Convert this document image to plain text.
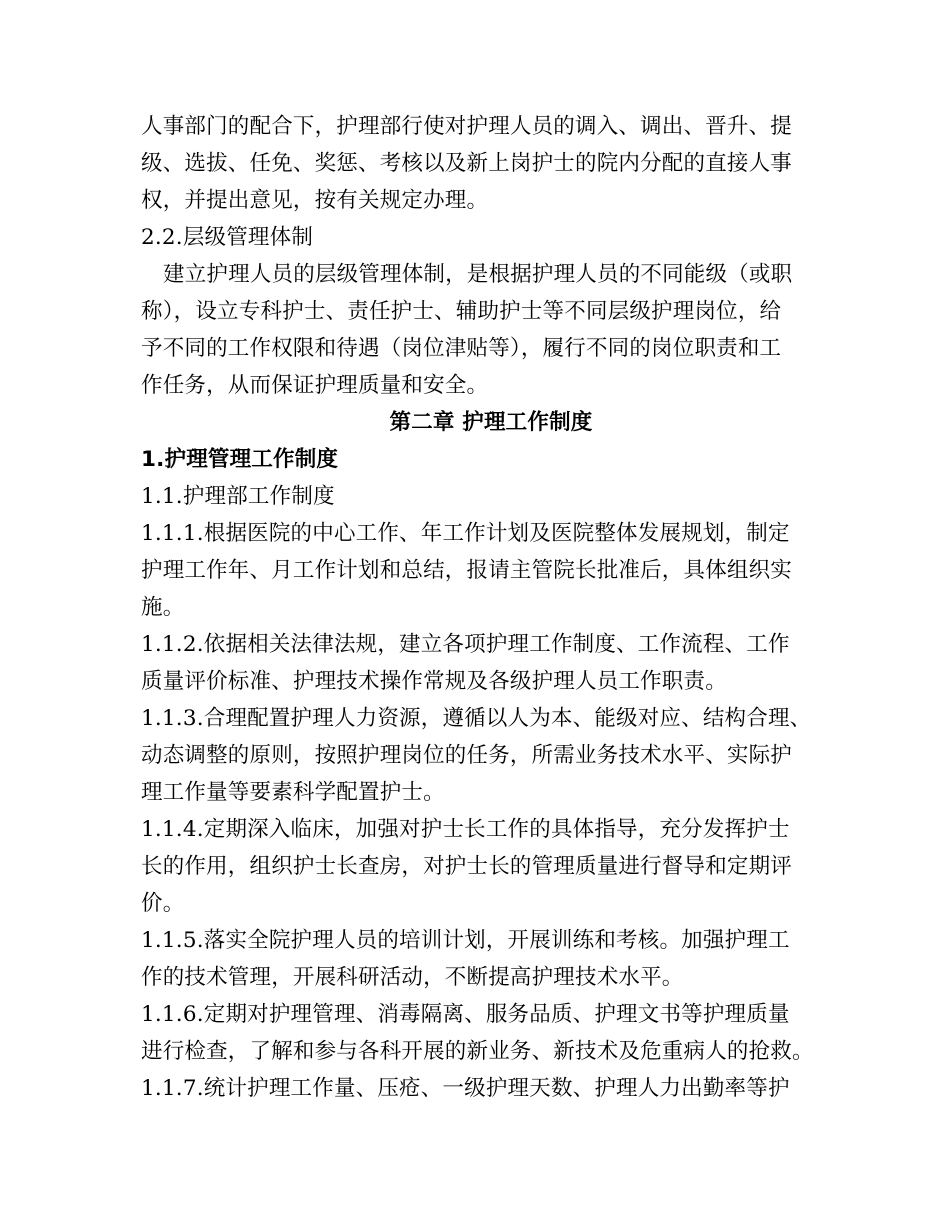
人事部门的配合下，护理部行使对护理人员的调入、调出、晋升、提
级、选拔、任免、奖惩、考核以及新上岗护士的院内分配的直接人事
权，并提出意见，按有关规定办理。
2.2.层级管理体制
建立护理人员的层级管理体制，是根据护理人员的不同能级（或职
称），设立专科护士、责任护士、辅助护士等不同层级护理岗位，给
予不同的工作权限和待遇（岗位津贴等），履行不同的岗位职责和工
作任务，从而保证护理质量和安全。
第二章 护理工作制度
1.护理管理工作制度
1.1.护理部工作制度
1.1.1.根据医院的中心工作、年工作计划及医院整体发展规划，制定
护理工作年、月工作计划和总结，报请主管院长批准后，具体组织实
施。
1.1.2.依据相关法律法规，建立各项护理工作制度、工作流程、工作
质量评价标准、护理技术操作常规及各级护理人员工作职责。
1.1.3.合理配置护理人力资源，遵循以人为本、能级对应、结构合理、
动态调整的原则，按照护理岗位的任务，所需业务技术水平、实际护
理工作量等要素科学配置护士。
1.1.4.定期深入临床，加强对护士长工作的具体指导，充分发挥护士
长的作用，组织护士长查房，对护士长的管理质量进行督导和定期评
价。
1.1.5.落实全院护理人员的培训计划，开展训练和考核。加强护理工
作的技术管理，开展科研活动，不断提高护理技术水平。
1.1.6.定期对护理管理、消毒隔离、服务品质、护理文书等护理质量
进行检查，了解和参与各科开展的新业务、新技术及危重病人的抢救。
1.1.7.统计护理工作量、压疮、一级护理天数、护理人力出勤率等护
